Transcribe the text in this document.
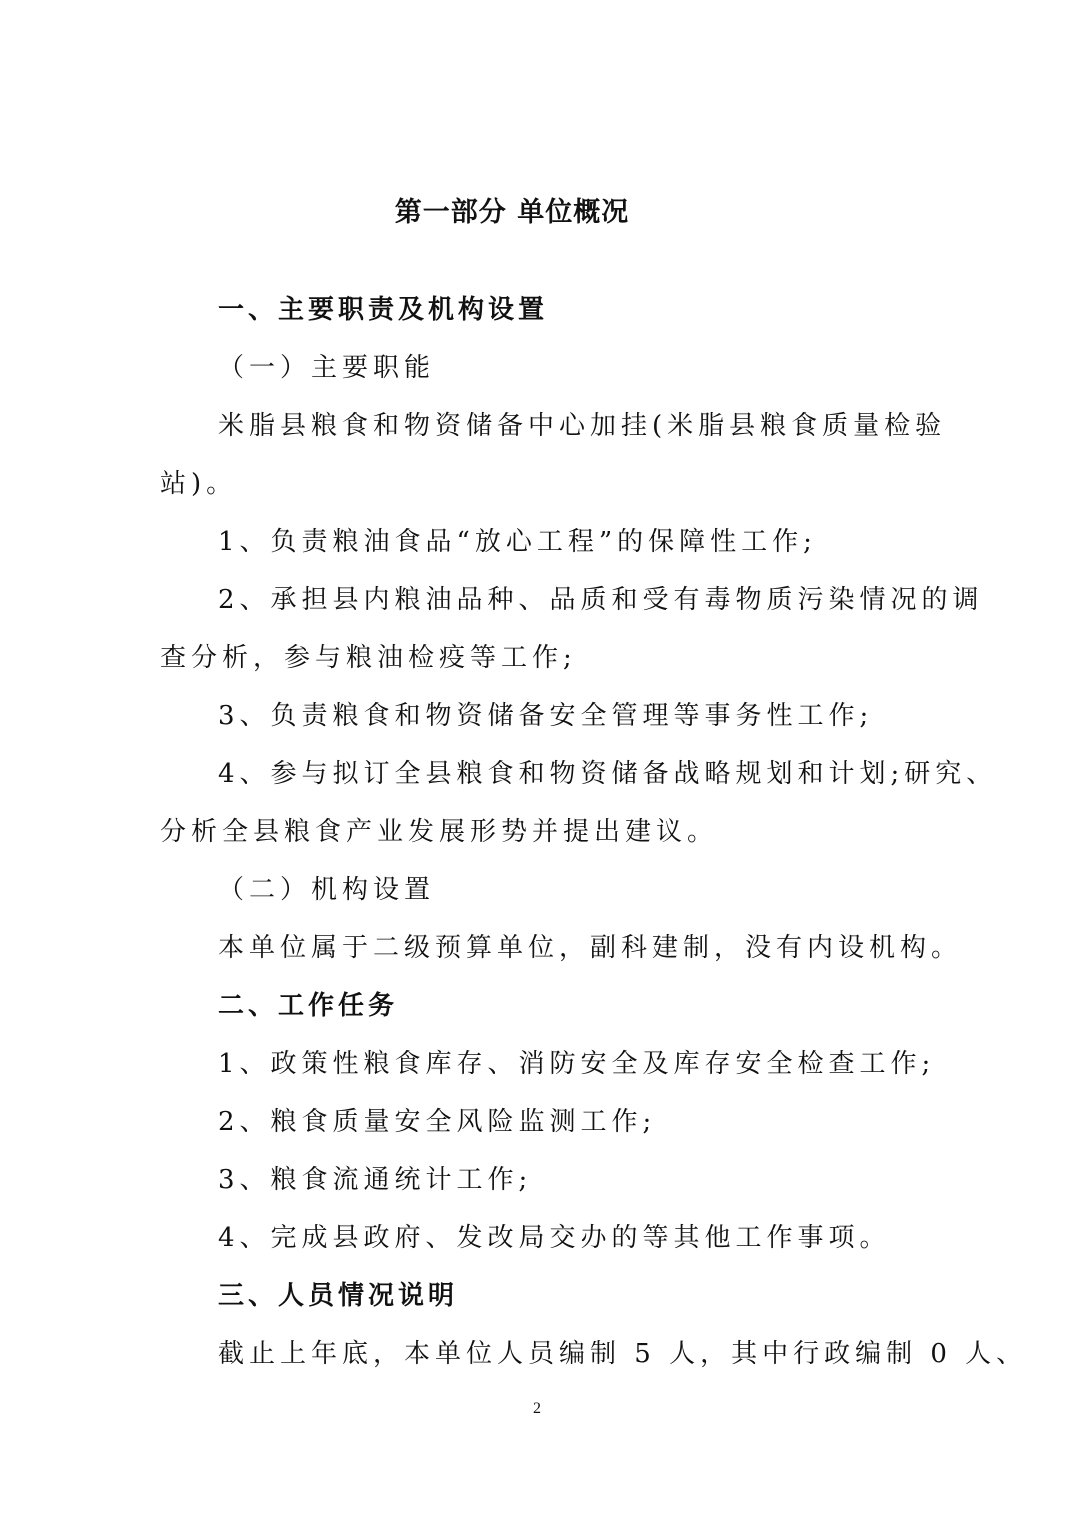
第一部分 单位概况
一、主要职责及机构设置
（一）主要职能
米脂县粮食和物资储备中心加挂(米脂县粮食质量检验
站)。
1、负责粮油食品“放心工程”的保障性工作;
2、承担县内粮油品种、品质和受有毒物质污染情况的调
查分析，参与粮油检疫等工作;
3、负责粮食和物资储备安全管理等事务性工作;
4、参与拟订全县粮食和物资储备战略规划和计划;研究、
分析全县粮食产业发展形势并提出建议。
（二）机构设置
本单位属于二级预算单位，副科建制，没有内设机构。
二、工作任务
1、政策性粮食库存、消防安全及库存安全检查工作;
2、粮食质量安全风险监测工作;
3、粮食流通统计工作;
4、完成县政府、发改局交办的等其他工作事项。
三、人员情况说明
截止上年底，本单位人员编制 5 人，其中行政编制 0 人、
2
